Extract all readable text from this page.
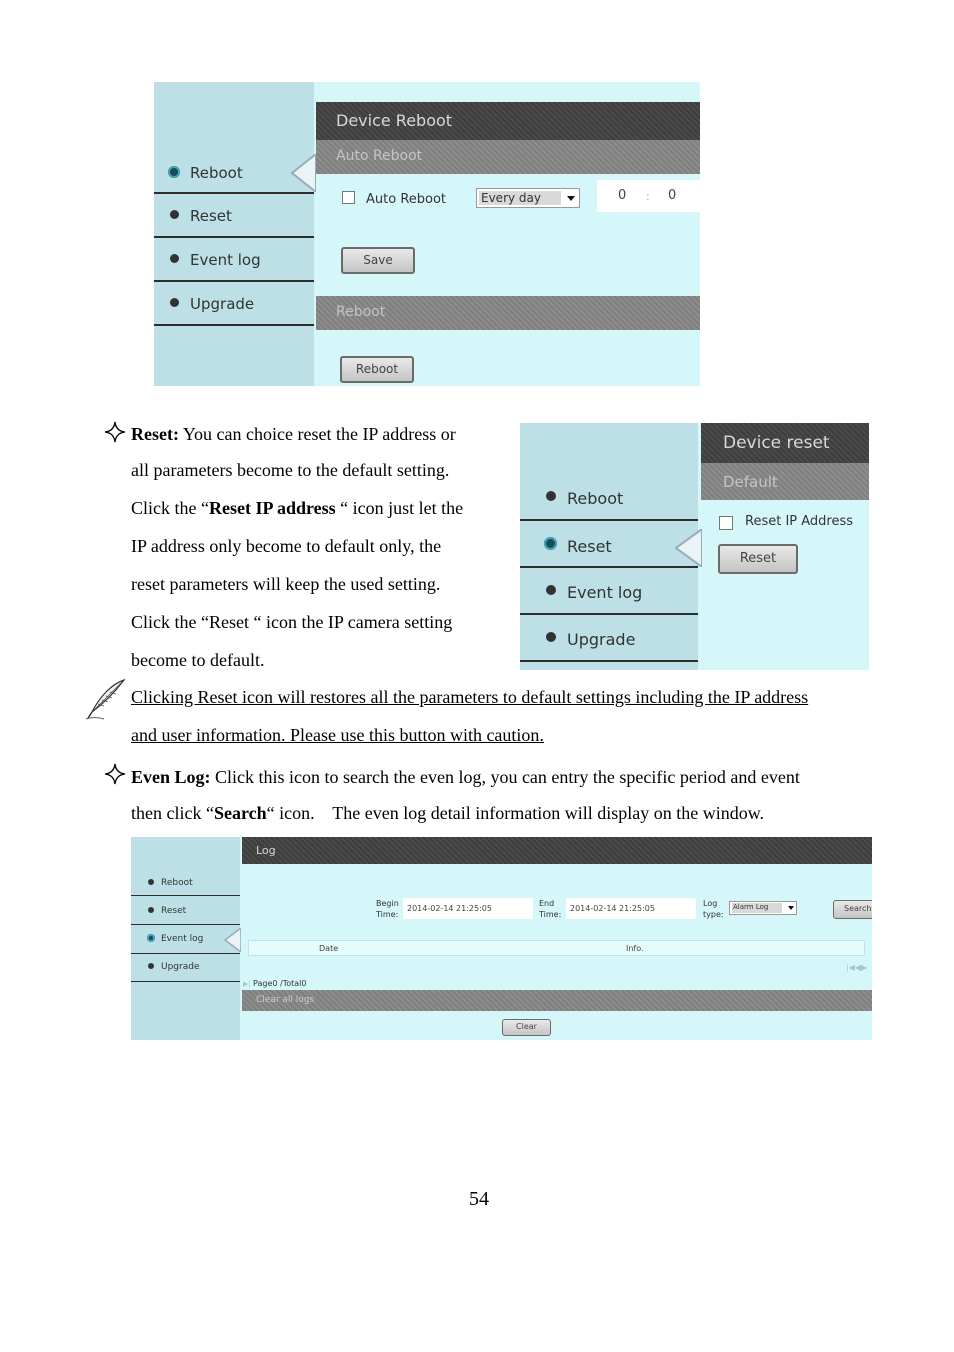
Reboot
Reset
Event log
Upgrade
Device Reboot
Auto Reboot
Auto Reboot	Every day	0 : 0
Save
Reboot
Reboot
Reset: You can choice reset the IP address or
all parameters become to the default setting.
Click the “Reset IP address “ icon just let the
IP address only become to default only, the
reset parameters will keep the used setting.
Click the “Reset “ icon the IP camera setting
become to default.
Reboot
Reset
Event log
Upgrade
Device reset
Default
Reset IP Address
Reset
Clicking Reset icon will restores all the parameters to default settings including the IP address
and user information. Please use this button with caution.
Even Log: Click this icon to search the even log, you can entry the specific period and event
then click “Search“ icon.    The even log detail information will display on the window.
Reboot
Reset
Event log
Upgrade
Log
Begin
Time:
2014-02-14 21:25:05
End
Time:
2014-02-14 21:25:05
Log
type:
Alarm Log	Search
Date	Info.
|◀◀▶
▶| Page0 /Total0
Clear all logs
Clear
54
